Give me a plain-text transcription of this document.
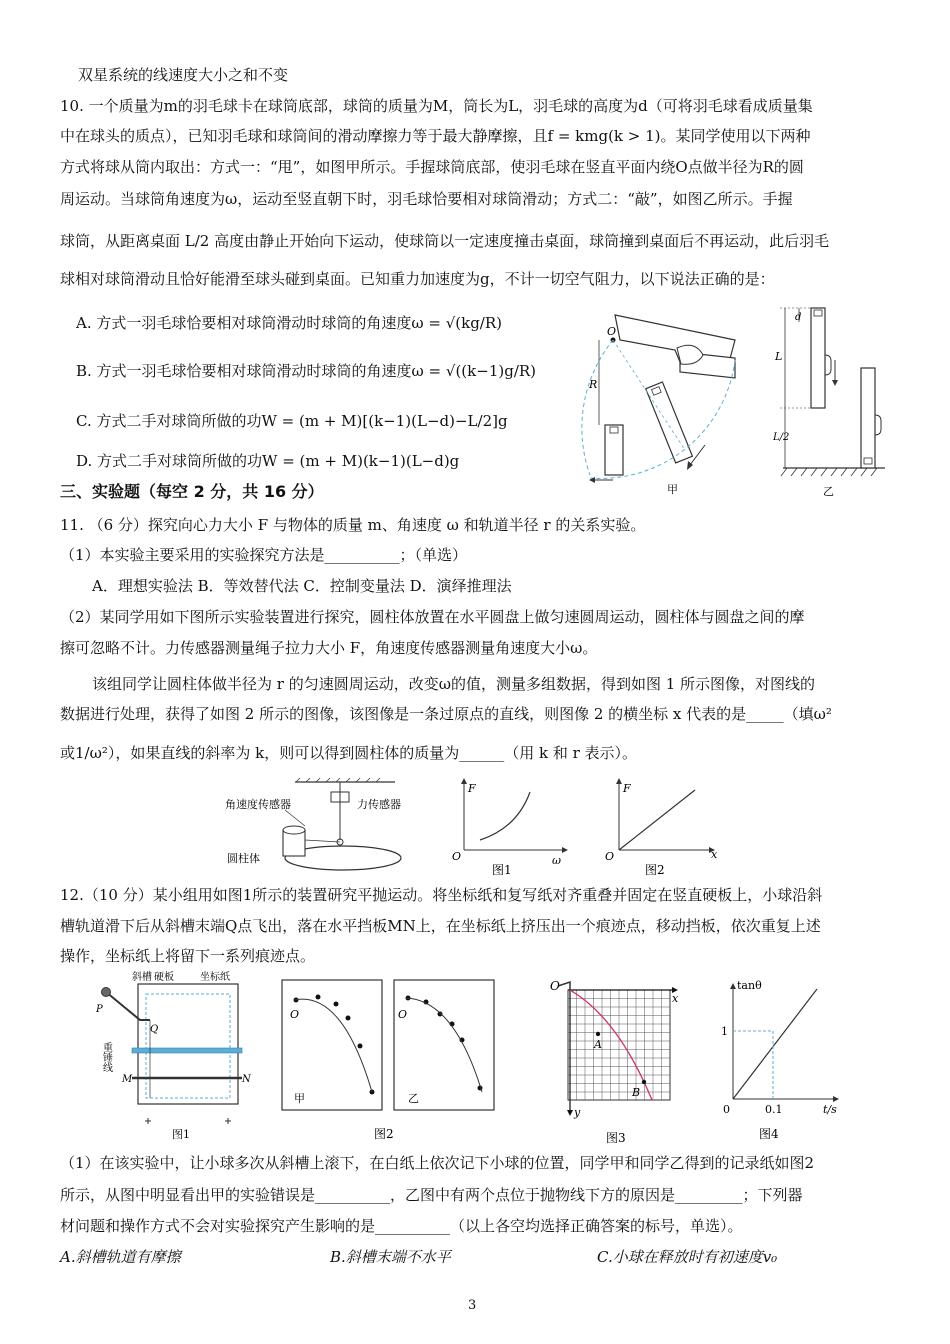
双星系统的线速度大小之和不变
10. 一个质量为m的羽毛球卡在球筒底部，球筒的质量为M，筒长为L，羽毛球的高度为d（可将羽毛球看成质量集
中在球头的质点），已知羽毛球和球筒间的滑动摩擦力等于最大静摩擦，且f = kmg(k > 1)。某同学使用以下两种
方式将球从筒内取出：方式一：“甩”，如图甲所示。手握球筒底部，使羽毛球在竖直平面内绕O点做半径为R的圆
周运动。当球筒角速度为ω，运动至竖直朝下时，羽毛球恰要相对球筒滑动；方式二：“敲”，如图乙所示。手握
球筒，从距离桌面 L/2 高度由静止开始向下运动，使球筒以一定速度撞击桌面，球筒撞到桌面后不再运动，此后羽毛
球相对球筒滑动且恰好能滑至球头碰到桌面。已知重力加速度为g，不计一切空气阻力，以下说法正确的是：
A. 方式一羽毛球恰要相对球筒滑动时球筒的角速度ω = √(kg/R)
B. 方式一羽毛球恰要相对球筒滑动时球筒的角速度ω = √((k−1)g/R)
C. 方式二手对球筒所做的功W = (m + M)[(k−1)(L−d)−L/2]g
D. 方式二手对球筒所做的功W = (m + M)(k−1)(L−d)g
O
R
甲
d
L
L/2
乙
三、实验题（每空 2 分，共 16 分）
11. （6 分）探究向心力大小 F 与物体的质量 m、角速度 ω 和轨道半径 r 的关系实验。
（1）本实验主要采用的实验探究方法是__________；（单选）
A．理想实验法 B．等效替代法 C．控制变量法 D．演绎推理法
（2）某同学用如下图所示实验装置进行探究，圆柱体放置在水平圆盘上做匀速圆周运动，圆柱体与圆盘之间的摩
擦可忽略不计。力传感器测量绳子拉力大小 F，角速度传感器测量角速度大小ω。
该组同学让圆柱体做半径为 r 的匀速圆周运动，改变ω的值，测量多组数据，得到如图 1 所示图像，对图线的
数据进行处理，获得了如图 2 所示的图像，该图像是一条过原点的直线，则图像 2 的横坐标 x 代表的是_____（填ω²
或1/ω²），如果直线的斜率为 k，则可以得到圆柱体的质量为______（用 k 和 r 表示）。
角速度传感器	力传感器
圆柱体
F
O	ω
图1
F
O	x
图2
12.（10 分）某小组用如图1所示的装置研究平抛运动。将坐标纸和复写纸对齐重叠并固定在竖直硬板上，小球沿斜
槽轨道滑下后从斜槽末端Q点飞出，落在水平挡板MN上，在坐标纸上挤压出一个痕迹点，移动挡板，依次重复上述
操作，坐标纸上将留下一系列痕迹点。
斜槽 硬板	坐标纸
P
Q
M	N
重锤线
图1
O
甲
O
乙
图2
O
A
B
x
y
图3
tanθ
1
0	0.1	t/s
图4
（1）在该实验中，让小球多次从斜槽上滚下，在白纸上依次记下小球的位置，同学甲和同学乙得到的记录纸如图2
所示，从图中明显看出甲的实验错误是__________，乙图中有两个点位于抛物线下方的原因是_________；下列器
材问题和操作方式不会对实验探究产生影响的是__________（以上各空均选择正确答案的标号，单选）。
A.斜槽轨道有摩擦	B.斜槽末端不水平	C.小球在释放时有初速度v₀
3
